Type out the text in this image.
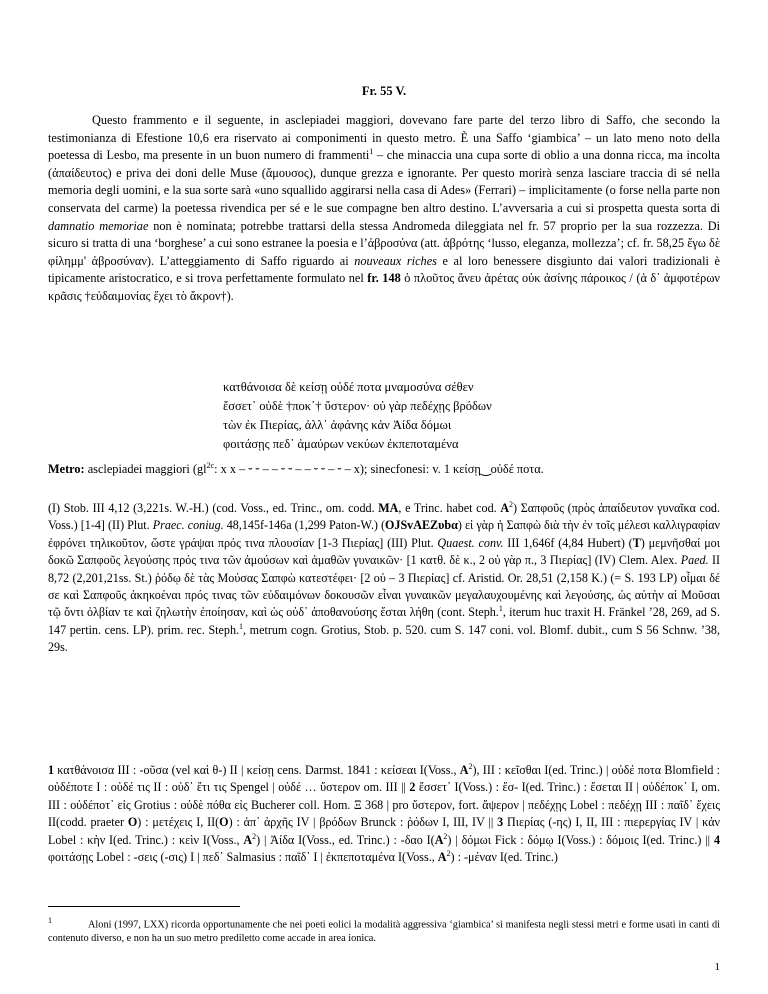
Fr. 55 V.

Questo frammento e il seguente, in asclepiadei maggiori, dovevano fare parte del terzo libro di Saffo, che secondo la testimonianza di Efestione 10,6 era riservato ai componimenti in questo metro. È una Saffo ‘giambica’ – un lato meno noto della poetessa di Lesbo, ma presente in un buon numero di frammenti$^1$ – che minaccia una cupa sorte di oblio a una donna ricca, ma incolta (ἀπαίδευτος) e priva dei doni delle Muse (ἄμουσος), dunque grezza e ignorante. Per questo morirà senza lasciare traccia di sé nella memoria degli uomini, e la sua sorte sarà «uno squallido aggirarsi nella casa di Ades» (Ferrari) – implicitamente (o forse nella parte non conservata del carme) la poetessa rivendica per sé e le sue compagne ben altro destino. L’avversaria a cui si prospetta questa sorta di damnatio memoriae non è nominata; potrebbe trattarsi della stessa Andromeda dileggiata nel fr. 57 proprio per la sua rozzezza. Di sicuro si tratta di una ‘borghese’ a cui sono estranee la poesia e l’ἀβροσύνα (att. ἁβρότης ‘lusso, eleganza, mollezza’; cf. fr. 58,25 ἔγω δὲ φίλημμ' ἀβροσύναν). L’atteggiamento di Saffo riguardo ai nouveaux riches e al loro benessere disgiunto dai valori tradizionali è tipicamente aristocratico, e si trova perfettamente formulato nel fr. 148 ὁ πλοῦτος ἄνευ ἀρέτας οὐκ ἀσίνης πάροικος / (ἀ δ᾽ ἀμφοτέρων κρᾶσις †εὐδαιμονίας ἔχει τὸ ἄκρον†).

κατθάνοισα δὲ κείσῃ οὐδέ ποτα μναμοσύνα σέθεν
ἔσσετ᾽ οὐδὲ †ποκ᾽† ὔστερον· οὐ γὰρ πεδέχῃς βρόδων
τὼν ἐκ Πιερίας, ἀλλ᾽ ἀφάνης κἀν Ἀίδα δόμωι
φοιτάσῃς πεδ᾽ ἀμαύρων νεκύων ἐκπεποταμένα
Metro: asclepiadei maggiori ($gl^{2c}$: x x – ⏑ ⏑ – – ⏑ ⏑ – – ⏑ ⏑ – ⏑ – x); sinecfonesi: v. 1 κείσῃ‿οὐδέ ποτα.

(I) Stob. III 4,12 (3,221s. W.-H.) (cod. Voss., ed. Trinc., om. codd. MA, e Trinc. habet cod. $A^2$) Σαπφοῦς (πρὸς ἀπαίδευτον γυναῖκα cod. Voss.) [1-4] (II) Plut. Praec. coniug. 48,145f-146a (1,299 Paton-W.) (OJSvAEZυbα) εἰ γὰρ ἡ Σαπφὼ διὰ τὴν ἐν τοῖς μέλεσι καλλιγραφίαν ἐφρόνει τηλικοῦτον, ὥστε γράψαι πρός τινα πλουσίαν [1-3 Πιερίας] (III) Plut. Quaest. conv. III 1,646f (4,84 Hubert) (T) μεμνῆσθαί μοι δοκῶ Σαπφοῦς λεγούσης πρός τινα τῶν ἀμούσων καὶ ἀμαθῶν γυναικῶν· [1 κατθ. δὲ κ., 2 οὐ γὰρ π., 3 Πιερίας] (IV) Clem. Alex. Paed. II 8,72 (2,201,21ss. St.) ῥόδῳ δὲ τὰς Μούσας Σαπφὼ κατεστέφει· [2 οὐ – 3 Πιερίας] cf. Aristid. Or. 28,51 (2,158 K.) (= S. 193 LP) οἶμαι δέ σε καὶ Σαπφοῦς ἀκηκοέναι πρός τινας τῶν εὐδαιμόνων δοκουσῶν εἶναι γυναικῶν μεγαλαυχουμένης καὶ λεγούσης, ὡς αὐτὴν αἱ Μοῦσαι τῷ ὄντι ὀλβίαν τε καὶ ζηλωτὴν ἐποίησαν, καὶ ὡς οὐδ᾽ ἀποθανούσης ἔσται λήθη (cont. Steph.$^1$, iterum huc traxit H. Fränkel ’28, 269, ad S. 147 pertin. cens. LP). prim. rec. Steph.$^1$, metrum cogn. Grotius, Stob. p. 520. cum S. 147 coni. vol. Blomf. dubit., cum S 56 Schnw. ’38, 29s.

1 κατθάνοισα III : -οῦσα (vel καὶ θ-) II | κείσῃ cens. Darmst. 1841 : κείσεαι I(Voss., $A^2$), III : κεῖσθαι I(ed. Trinc.) | οὐδέ ποτα Blomfield : οὐδέποτε I : οὐδέ τις II : οὐδ᾽ ἔτι τις Spengel | οὐδέ … ὔστερον om. III || 2 ἔσσετ᾽ I(Voss.) : ἔσ- I(ed. Trinc.) : ἔσεται II | οὐδέποκ᾽ I, om. III : οὐδέποτ᾽ εἰς Grotius : οὐδὲ πόθα εἰς Bucherer coll. Hom. Ξ 368 | pro ὔστερον, fort. ἄψερον | πεδέχῃς Lobel : πεδέχῃ III : παῖδ᾽ ἔχεις II(codd. praeter O) : μετέχεις I, II(O) : ἀπ᾽ ἀρχῆς IV | βρόδων Brunck : ῥόδων I, III, IV || 3 Πιερίας (-ης) I, II, III : πιερεργίας IV | κἀν Lobel : κὴν I(ed. Trinc.) : κεὶν I(Voss., $A^2$) | Ἀίδα I(Voss., ed. Trinc.) : -δαο $I(A^2)$ | δόμωι Fick : δόμῳ I(Voss.) : δόμοις I(ed. Trinc.) || 4 φοιτάσῃς Lobel : -σεις (-σις) I | πεδ᾽ Salmasius : παῖδ᾽ I | ἐκπεποταμένα I(Voss., $A^2$) : -μέναν I(ed. Trinc.)

1	Aloni (1997, LXX) ricorda opportunamente che nei poeti eolici la modalità aggressiva ‘giambica’ si manifesta negli stessi metri e forme usati in canti di contenuto diverso, e non ha un suo metro prediletto come accade in area ionica.

1
